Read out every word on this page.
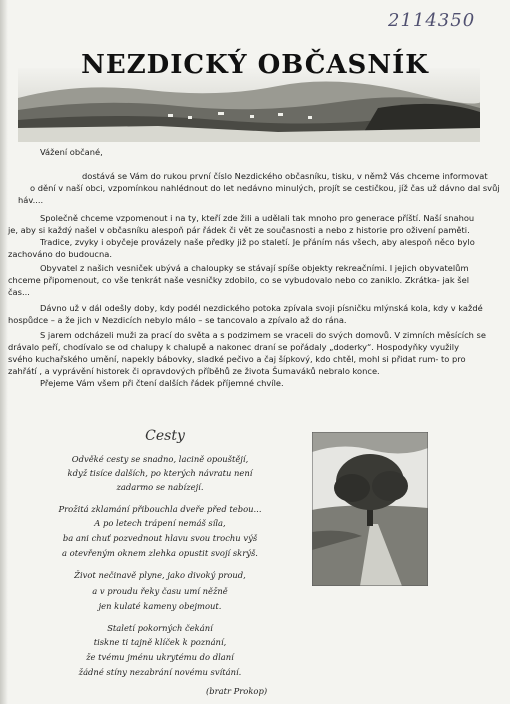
2114350
NEZDICKÝ OBČASNÍK
Vážení občané,
dostává se Vám do rukou první číslo Nezdického občasníku, tisku, v němž Vás chceme informovat
o dění v naší obci, vzpomínkou nahlédnout do let nedávno minulých, projít se cestičkou, jíž čas už dávno dal svůj
háv....
Společně chceme vzpomenout i na ty, kteří zde žili a udělali tak mnoho pro generace příští. Naší snahou
je, aby si každý našel v občasníku alespoň pár řádek či vět ze současnosti a nebo z historie pro oživení paměti.
Tradice, zvyky i obyčeje provázely naše předky již po staletí. Je přáním nás všech, aby alespoň něco bylo
zachováno do budoucna.
Obyvatel z našich vesniček ubývá a chaloupky se stávají spíše objekty rekreačními. I jejich obyvatelům
chceme připomenout, co vše tenkrát naše vesničky zdobilo, co se vybudovalo nebo co zaniklo. Zkrátka- jak šel
čas...
Dávno už v dál odešly doby, kdy podél nezdického potoka zpívala svoji písničku mlýnská kola, kdy v každé
hospůdce – a že jich v Nezdicích nebylo málo – se tancovalo a zpívalo až do rána.
S jarem odcházeli muži za prací do světa a s podzimem se vraceli do svých domovů. V zimních měsících se
drávalo peří, chodívalo se od chalupy k chalupě a nakonec draní se pořádaly „doderky“. Hospodyňky využily
svého kuchařského umění, napekly bábovky, sladké pečivo a čaj šípkový, kdo chtěl, mohl si přidat rum- to pro
zahřátí , a vyprávění historek či opravdových příběhů ze života Šumaváků nebralo konce.
Přejeme Vám všem při čtení dalších řádek příjemné chvíle.
Cesty
Odvěké cesty se snadno, lacině opouštějí,
když tisíce dalších, po kterých návratu není
zadarmo se nabízejí.
Prožitá zklamání přibouchla dveře před tebou...
A po letech trápení nemáš síla,
ba ani chuť pozvednout hlavu svou trochu výš
a otevřeným oknem zlehka opustit svojí skrýš.
Život nečinavě plyne, jako divoký proud,
a v proudu řeky času umí něžně
jen kulaté kameny obejmout.
Staletí pokorných čekání
tiskne ti tajně klíček k poznání,
že tvému jménu ukrytému do dlaní
žádné stíny nezabrání novému svítání.
(bratr Prokop)
